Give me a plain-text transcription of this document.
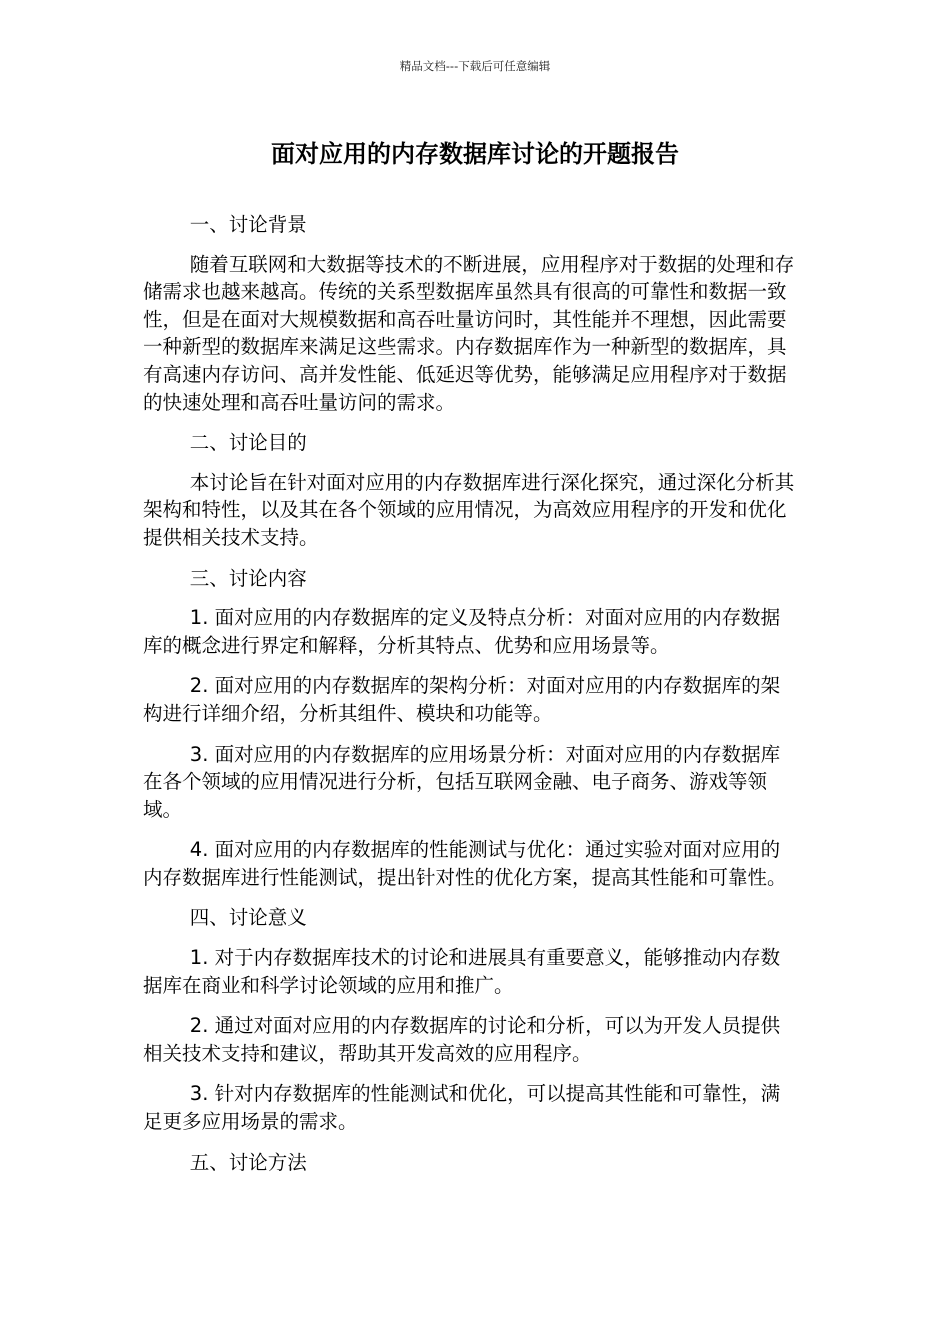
精品文档---下载后可任意编辑
面对应用的内存数据库讨论的开题报告

一、讨论背景

随着互联网和大数据等技术的不断进展，应用程序对于数据的处理和存储需求也越来越高。传统的关系型数据库虽然具有很高的可靠性和数据一致性，但是在面对大规模数据和高吞吐量访问时，其性能并不理想，因此需要一种新型的数据库来满足这些需求。内存数据库作为一种新型的数据库，具有高速内存访问、高并发性能、低延迟等优势，能够满足应用程序对于数据的快速处理和高吞吐量访问的需求。

二、讨论目的

本讨论旨在针对面对应用的内存数据库进行深化探究，通过深化分析其架构和特性，以及其在各个领域的应用情况，为高效应用程序的开发和优化提供相关技术支持。

三、讨论内容

1. 面对应用的内存数据库的定义及特点分析：对面对应用的内存数据库的概念进行界定和解释，分析其特点、优势和应用场景等。

2. 面对应用的内存数据库的架构分析：对面对应用的内存数据库的架构进行详细介绍，分析其组件、模块和功能等。

3. 面对应用的内存数据库的应用场景分析：对面对应用的内存数据库在各个领域的应用情况进行分析，包括互联网金融、电子商务、游戏等领域。

4. 面对应用的内存数据库的性能测试与优化：通过实验对面对应用的内存数据库进行性能测试，提出针对性的优化方案，提高其性能和可靠性。

四、讨论意义

1. 对于内存数据库技术的讨论和进展具有重要意义，能够推动内存数据库在商业和科学讨论领域的应用和推广。

2. 通过对面对应用的内存数据库的讨论和分析，可以为开发人员提供相关技术支持和建议，帮助其开发高效的应用程序。

3. 针对内存数据库的性能测试和优化，可以提高其性能和可靠性，满足更多应用场景的需求。

五、讨论方法
